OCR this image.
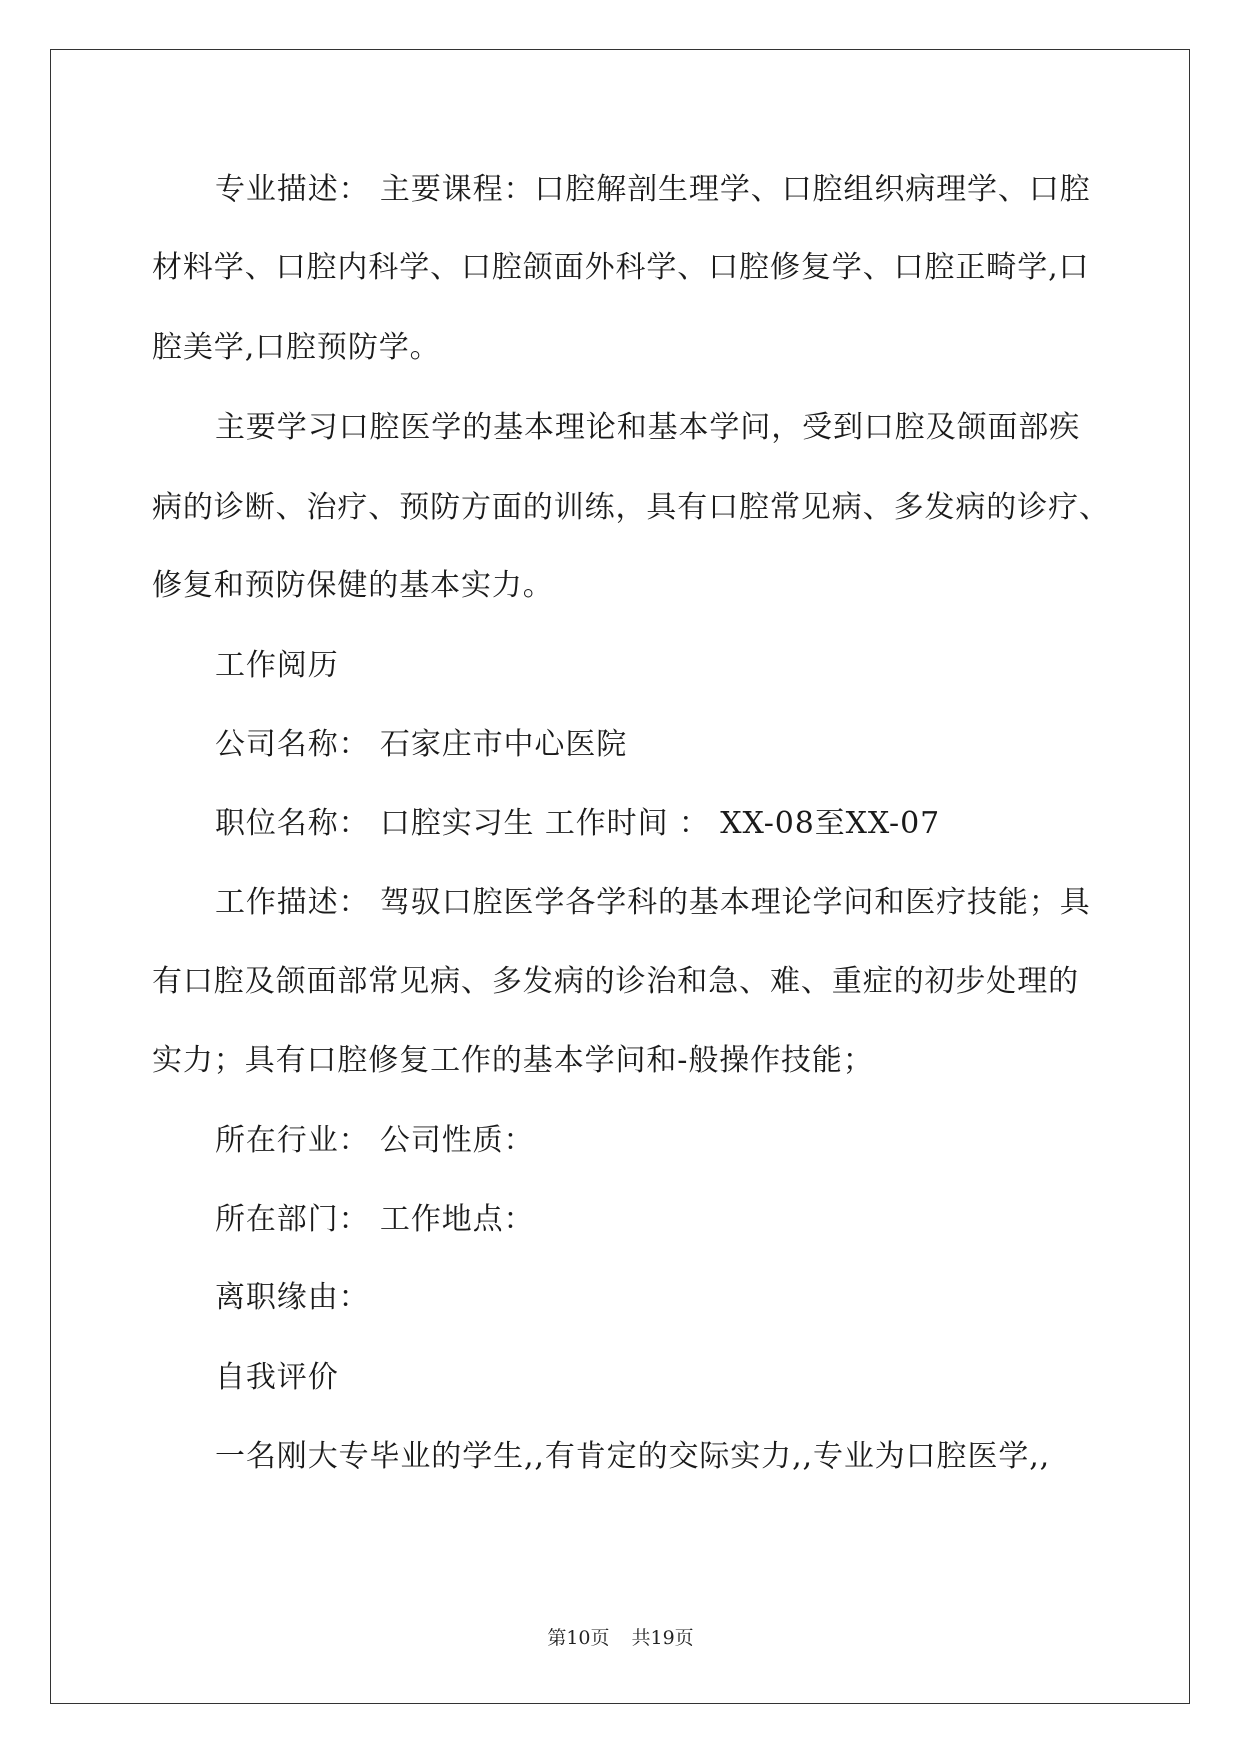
专业描述： 主要课程：口腔解剖生理学、口腔组织病理学、口腔
材料学、口腔内科学、口腔颌面外科学、口腔修复学、口腔正畸学,口
腔美学,口腔预防学。
主要学习口腔医学的基本理论和基本学问，受到口腔及颌面部疾
病的诊断、治疗、预防方面的训练，具有口腔常见病、多发病的诊疗、
修复和预防保健的基本实力。
工作阅历
公司名称： 石家庄市中心医院
职位名称： 口腔实习生 工作时间 ： XX-08至XX-07
工作描述： 驾驭口腔医学各学科的基本理论学问和医疗技能；具
有口腔及颌面部常见病、多发病的诊治和急、难、重症的初步处理的
实力；具有口腔修复工作的基本学问和-般操作技能；
所在行业： 公司性质：
所在部门： 工作地点：
离职缘由：
自我评价
一名刚大专毕业的学生,,有肯定的交际实力,,专业为口腔医学,,
第10页 共19页
